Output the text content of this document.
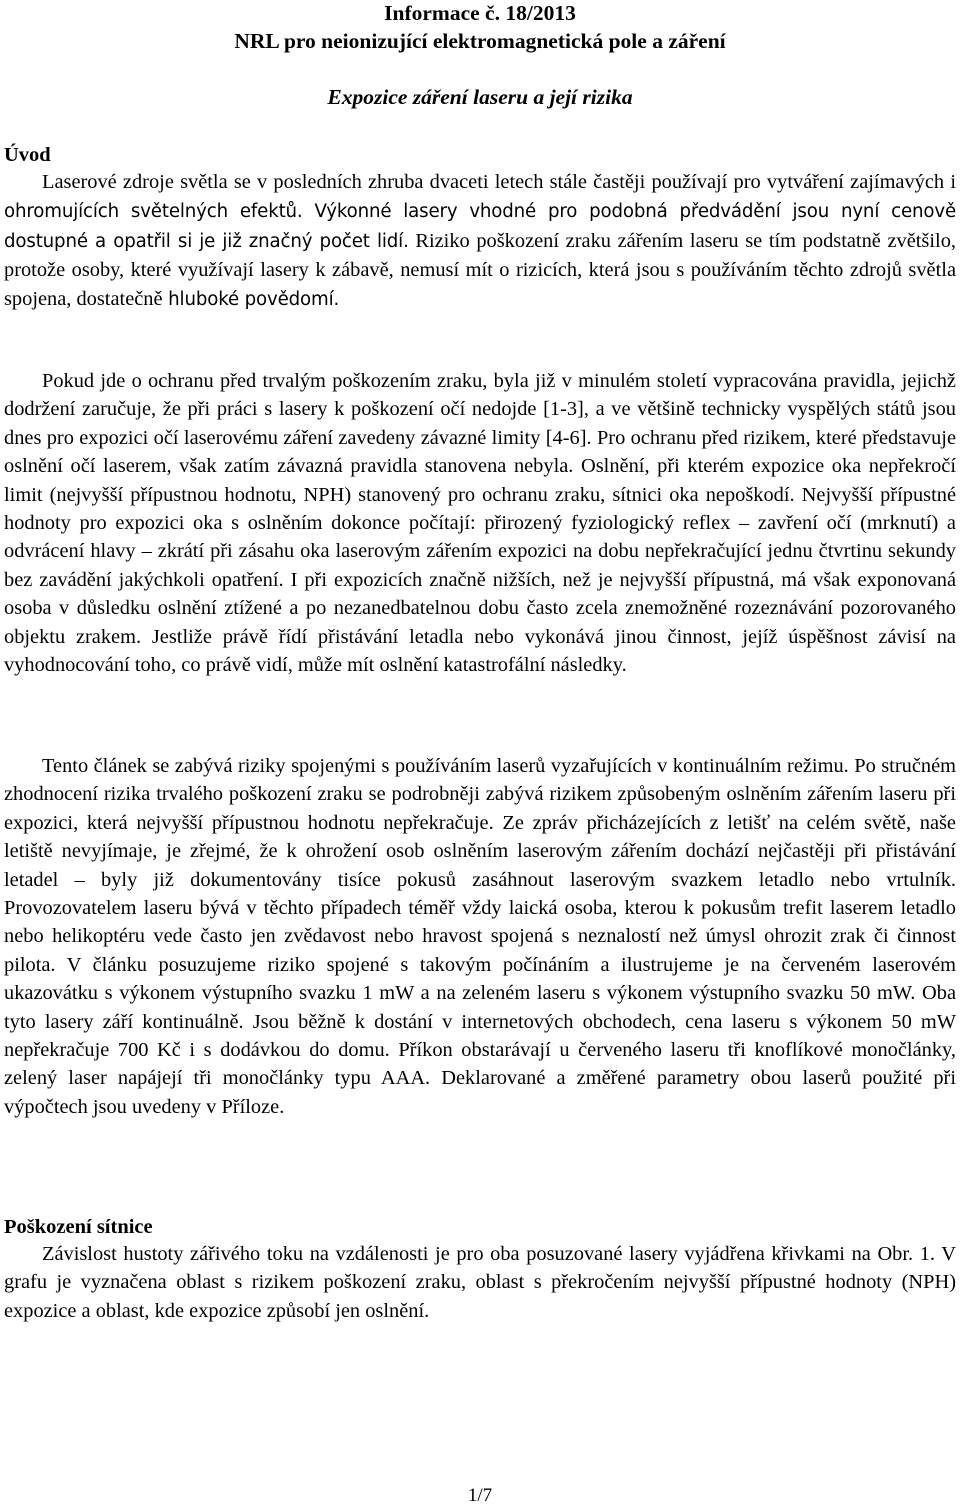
Informace č. 18/2013
NRL pro neionizující elektromagnetická pole a záření
Expozice záření laseru a její rizika
Úvod

Laserové zdroje světla se v posledních zhruba dvaceti letech stále častěji používají pro vytváření zajímavých i ohromujících světelných efektů. Výkonné lasery vhodné pro podobná předvádění jsou nyní cenově dostupné a opatřil si je již značný počet lidí. Riziko poškození zraku zářením laseru se tím podstatně zvětšilo, protože osoby, které využívají lasery k zábavě, nemusí mít o rizicích, která jsou s používáním těchto zdrojů světla spojena, dostatečně hluboké povědomí.

Pokud jde o ochranu před trvalým poškozením zraku, byla již v minulém století vypracována pravidla, jejichž dodržení zaručuje, že při práci s lasery k poškození očí nedojde [1-3], a ve většině technicky vyspělých států jsou dnes pro expozici očí laserovému záření zavedeny závazné limity [4-6]. Pro ochranu před rizikem, které představuje oslnění očí laserem, však zatím závazná pravidla stanovena nebyla. Oslnění, při kterém expozice oka nepřekročí limit (nejvyšší přípustnou hodnotu, NPH) stanovený pro ochranu zraku, sítnici oka nepoškodí. Nejvyšší přípustné hodnoty pro expozici oka s oslněním dokonce počítají: přirozený fyziologický reflex – zavření očí (mrknutí) a odvrácení hlavy – zkrátí při zásahu oka laserovým zářením expozici na dobu nepřekračující jednu čtvrtinu sekundy bez zavádění jakýchkoli opatření. I při expozicích značně nižších, než je nejvyšší přípustná, má však exponovaná osoba v důsledku oslnění ztížené a po nezanedbatelnou dobu často zcela znemožněné rozeznávání pozorovaného objektu zrakem. Jestliže právě řídí přistávání letadla nebo vykonává jinou činnost, jejíž úspěšnost závisí na vyhodnocování toho, co právě vidí, může mít oslnění katastrofální následky.

Tento článek se zabývá riziky spojenými s používáním laserů vyzařujících v kontinuálním režimu. Po stručném zhodnocení rizika trvalého poškození zraku se podrobněji zabývá rizikem způsobeným oslněním zářením laseru při expozici, která nejvyšší přípustnou hodnotu nepřekračuje. Ze zpráv přicházejících z letišť na celém světě, naše letiště nevyjímaje, je zřejmé, že k ohrožení osob oslněním laserovým zářením dochází nejčastěji při přistávání letadel – byly již dokumentovány tisíce pokusů zasáhnout laserovým svazkem letadlo nebo vrtulník. Provozovatelem laseru bývá v těchto případech téměř vždy laická osoba, kterou k pokusům trefit laserem letadlo nebo helikoptéru vede často jen zvědavost nebo hravost spojená s neznalostí než úmysl ohrozit zrak či činnost pilota. V článku posuzujeme riziko spojené s takovým počínáním a ilustrujeme je na červeném laserovém ukazovátku s výkonem výstupního svazku 1 mW a na zeleném laseru s výkonem výstupního svazku 50 mW. Oba tyto lasery září kontinuálně. Jsou běžně k dostání v internetových obchodech, cena laseru s výkonem 50 mW nepřekračuje 700 Kč i s dodávkou do domu. Příkon obstarávají u červeného laseru tři knoflíkové monočlánky, zelený laser napájejí tři monočlánky typu AAA. Deklarované a změřené parametry obou laserů použité při výpočtech jsou uvedeny v Příloze.

Poškození sítnice

Závislost hustoty zářivého toku na vzdálenosti je pro oba posuzované lasery vyjádřena křivkami na Obr. 1. V grafu je vyznačena oblast s rizikem poškození zraku, oblast s překročením nejvyšší přípustné hodnoty (NPH) expozice a oblast, kde expozice způsobí jen oslnění.

1/7
